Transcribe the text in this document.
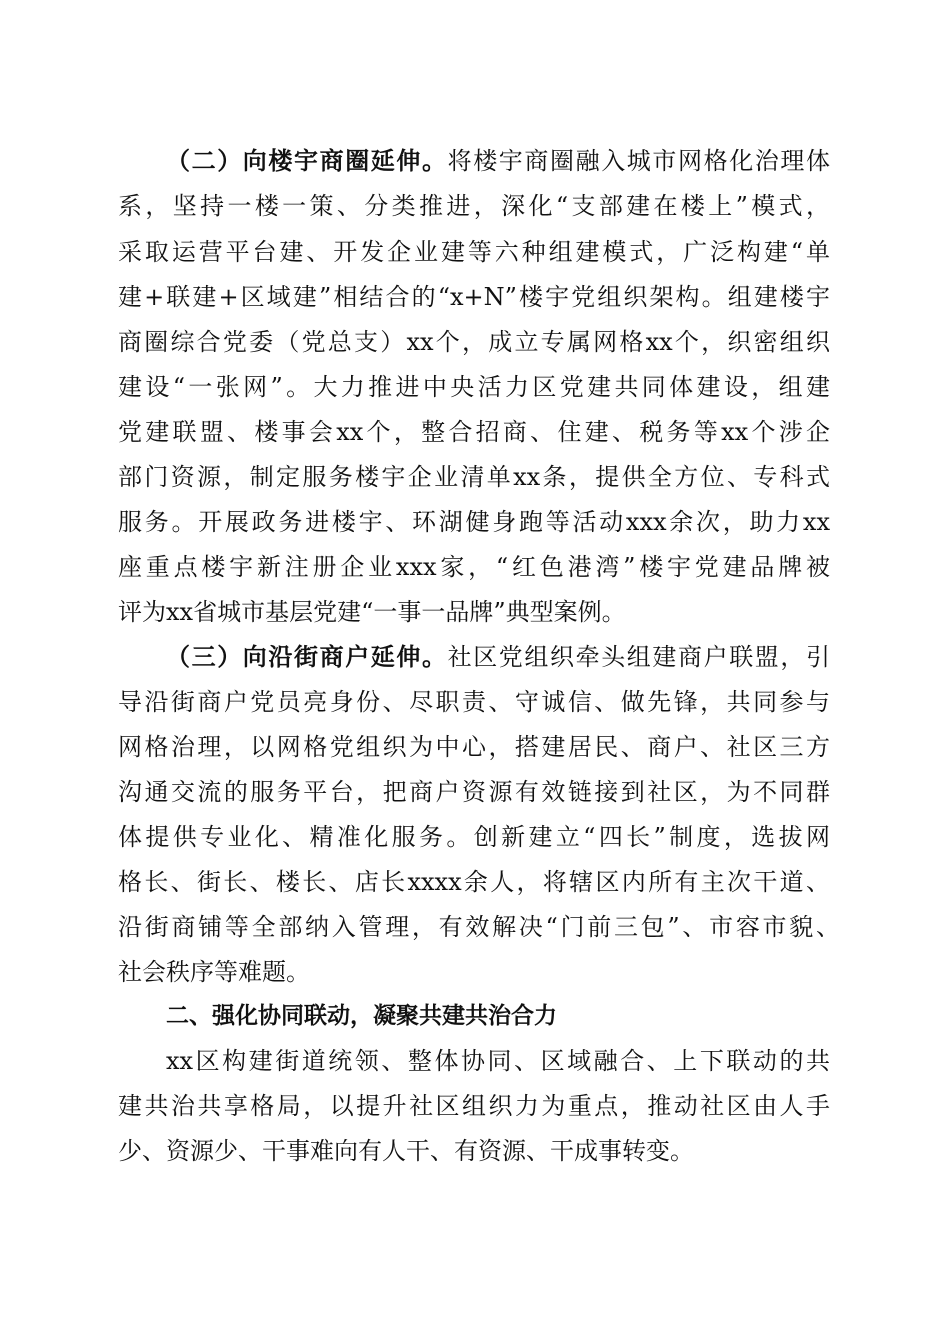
（二）向楼宇商圈延伸。将楼宇商圈融入城市网格化治理体

系，坚持一楼一策、分类推进，深化“支部建在楼上”模式，

采取运营平台建、开发企业建等六种组建模式，广泛构建“单

建+联建+区域建”相结合的“x+N”楼宇党组织架构。组建楼宇

商圈综合党委（党总支）xx个，成立专属网格xx个，织密组织

建设“一张网”。大力推进中央活力区党建共同体建设，组建

党建联盟、楼事会xx个，整合招商、住建、税务等xx个涉企

部门资源，制定服务楼宇企业清单xx条，提供全方位、专科式

服务。开展政务进楼宇、环湖健身跑等活动xxx余次，助力xx

座重点楼宇新注册企业xxx家，“红色港湾”楼宇党建品牌被

评为xx省城市基层党建“一事一品牌”典型案例。

（三）向沿街商户延伸。社区党组织牵头组建商户联盟，引

导沿街商户党员亮身份、尽职责、守诚信、做先锋，共同参与

网格治理，以网格党组织为中心，搭建居民、商户、社区三方

沟通交流的服务平台，把商户资源有效链接到社区，为不同群

体提供专业化、精准化服务。创新建立“四长”制度，选拔网

格长、街长、楼长、店长xxxx余人，将辖区内所有主次干道、

沿街商铺等全部纳入管理，有效解决“门前三包”、市容市貌、

社会秩序等难题。

二、强化协同联动，凝聚共建共治合力

xx区构建街道统领、整体协同、区域融合、上下联动的共

建共治共享格局，以提升社区组织力为重点，推动社区由人手

少、资源少、干事难向有人干、有资源、干成事转变。
